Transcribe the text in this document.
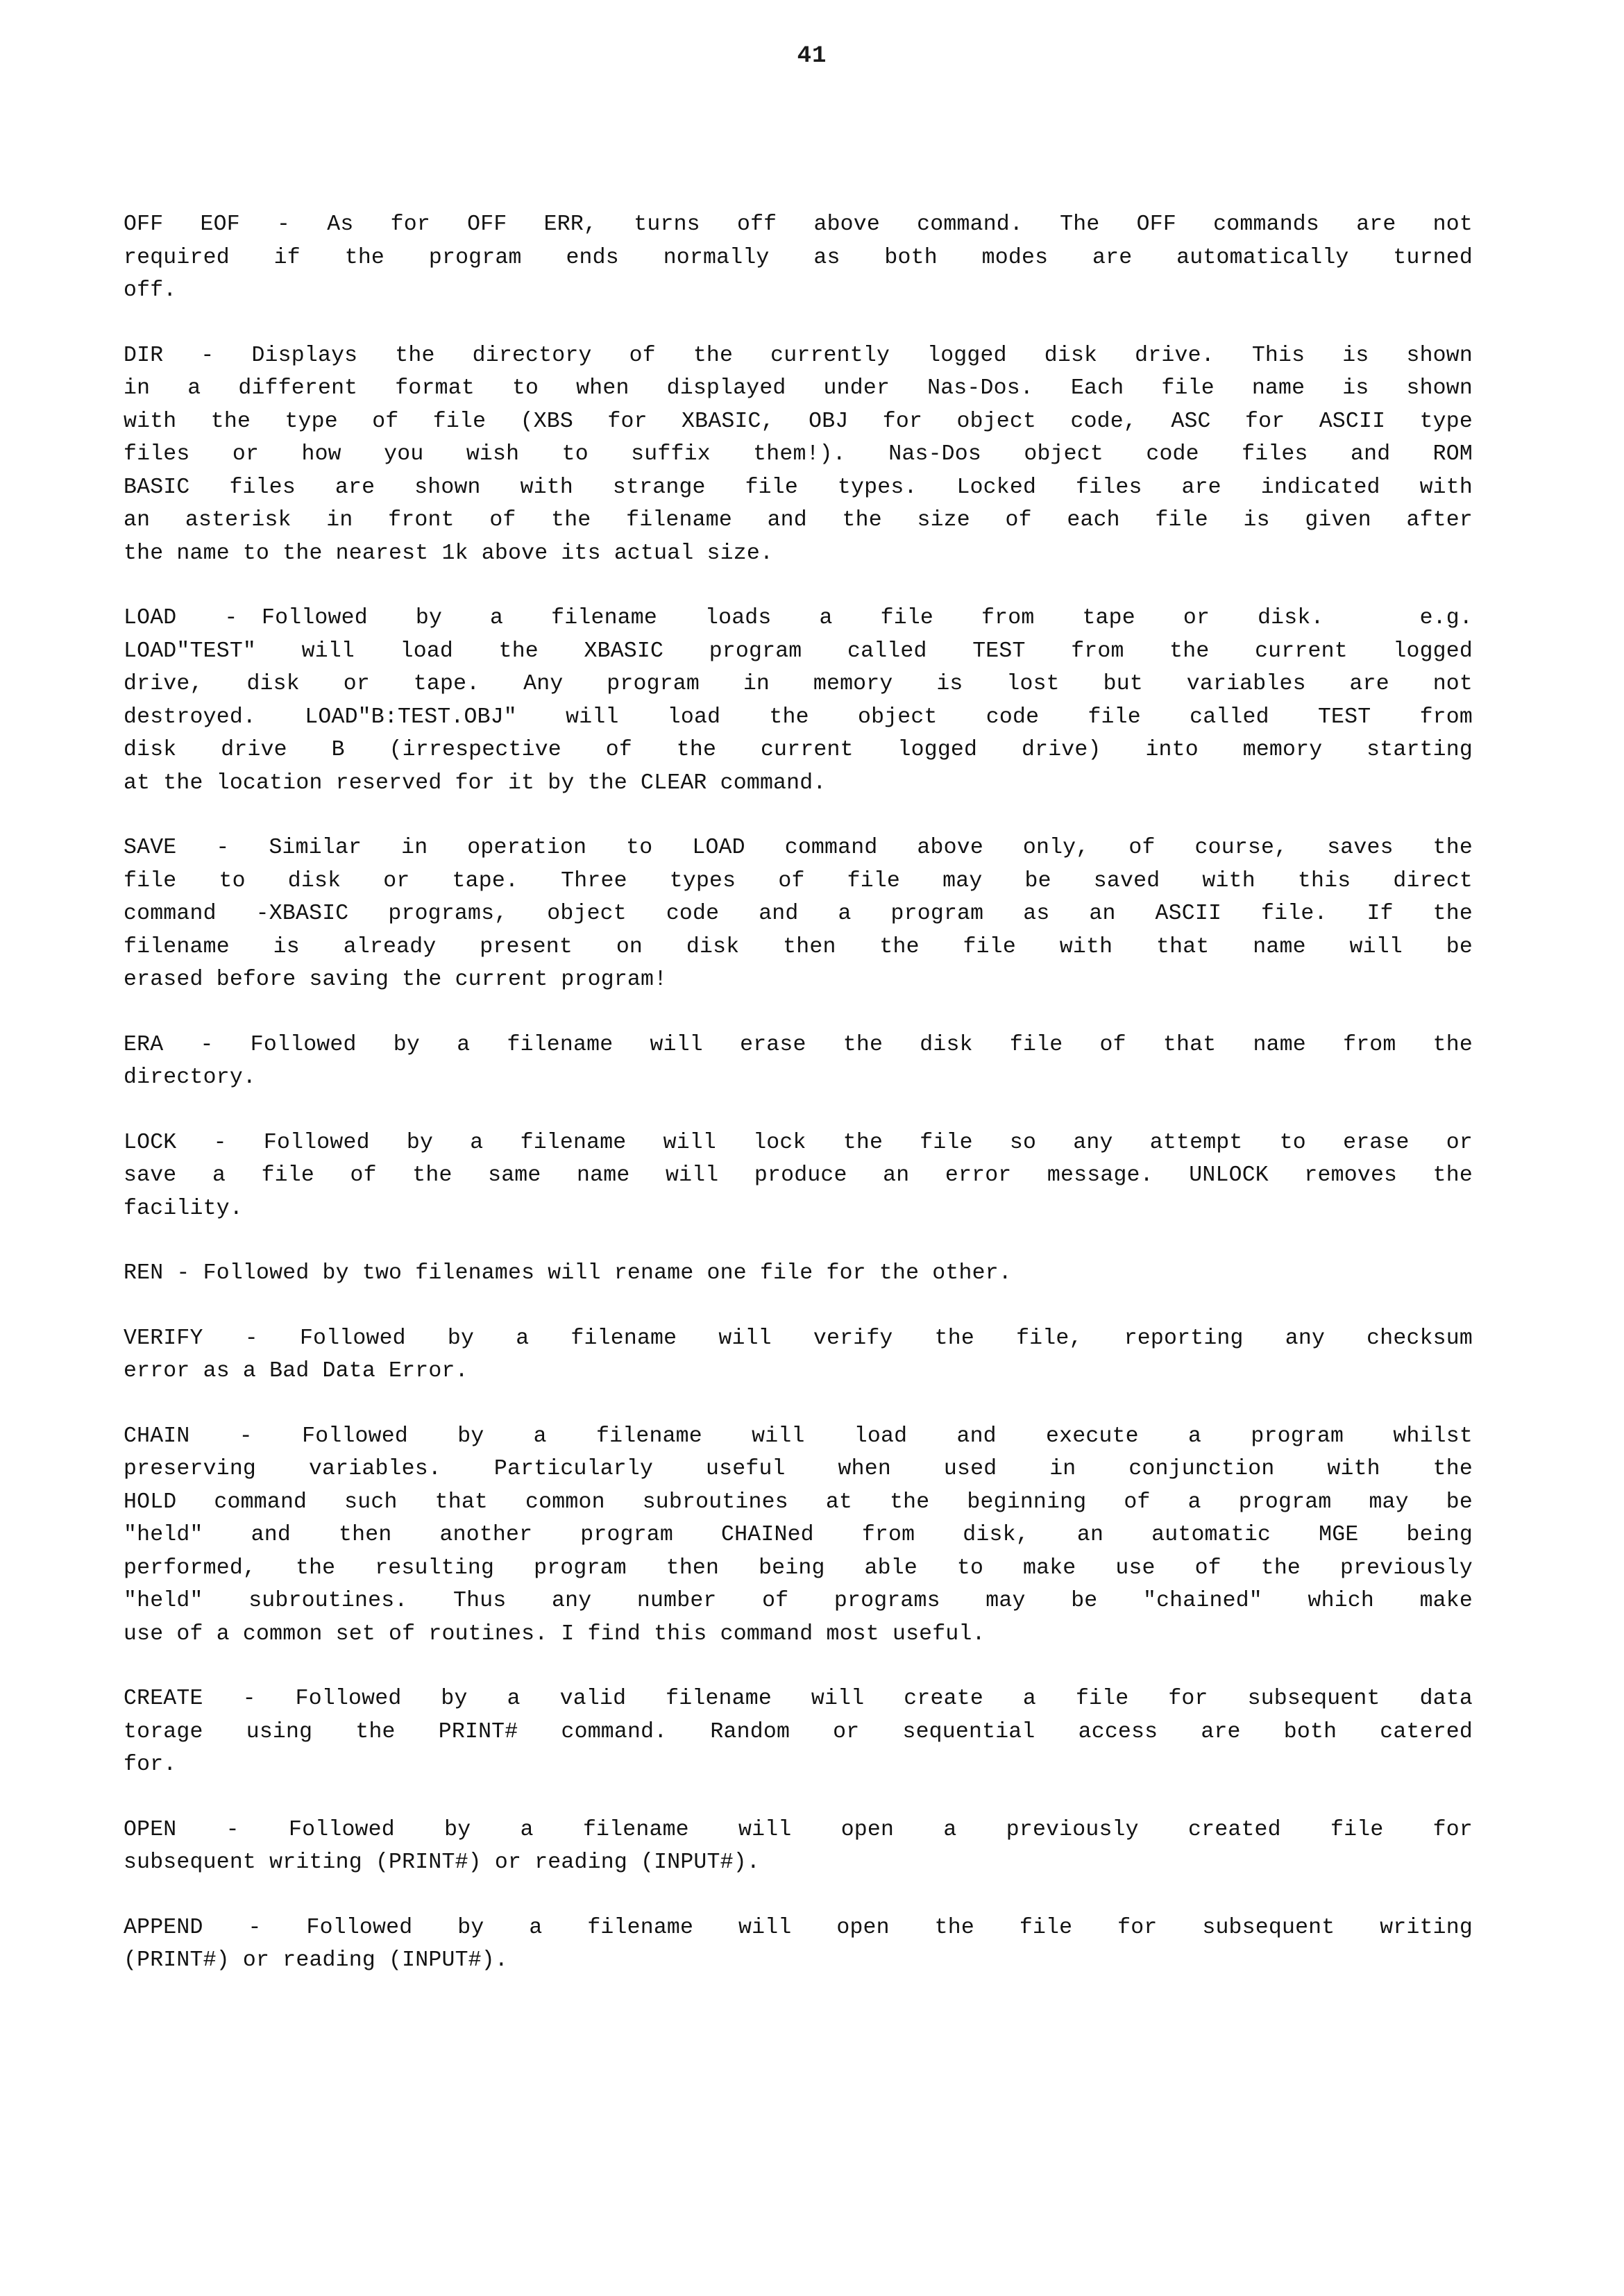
41

OFF EOF - As for OFF ERR, turns off above command. The OFF commands are not
required if the program ends normally as both modes are automatically turned
off.

DIR - Displays the directory of the currently logged disk drive. This is shown
in a different format to when displayed under Nas-Dos. Each file name is shown
with the type of file (XBS for XBASIC, OBJ for object code, ASC for ASCII type
files or how you wish to suffix them!). Nas-Dos object code files and ROM
BASIC files are shown with strange file types. Locked files are indicated with
an asterisk in front of the filename and the size of each file is given after
the name to the nearest 1k above its actual size.

LOAD  - Followed  by  a  filename  loads  a  file  from  tape  or  disk.    e.g.
LOAD"TEST" will load the XBASIC program called TEST from the current logged
drive, disk or tape. Any program in memory is lost but variables are not
destroyed. LOAD"B:TEST.OBJ" will load the object code file called TEST from
disk drive B (irrespective of the current logged drive) into memory starting
at the location reserved for it by the CLEAR command.

SAVE - Similar in operation to LOAD command above only, of course, saves the
file to disk or tape. Three types of file may be saved with this direct
command -XBASIC programs, object code and a program as an ASCII file. If the
filename is already present on disk then the file with that name will be
erased before saving the current program!

ERA - Followed by a filename will erase the disk file of that name from the
directory.

LOCK - Followed by a filename will lock the file so any attempt to erase or
save a file of the same name will produce an error message. UNLOCK removes the
facility.

REN - Followed by two filenames will rename one file for the other.

VERIFY - Followed by a filename will verify the file, reporting any checksum
error as a Bad Data Error.

CHAIN - Followed by a filename will load and execute a program whilst
preserving variables. Particularly useful when used in conjunction with the
HOLD command such that common subroutines at the beginning of a program may be
"held" and then another program CHAINed from disk, an automatic MGE being
performed, the resulting program then being able to make use of the previously
"held" subroutines. Thus any number of programs may be "chained" which make
use of a common set of routines. I find this command most useful.

CREATE - Followed by a valid filename will create a file for subsequent data
torage using the PRINT# command. Random or sequential access are both catered
for.

OPEN - Followed by a filename will open a previously created file for
subsequent writing (PRINT#) or reading (INPUT#).

APPEND - Followed by a filename will open the file for subsequent writing
(PRINT#) or reading (INPUT#).
